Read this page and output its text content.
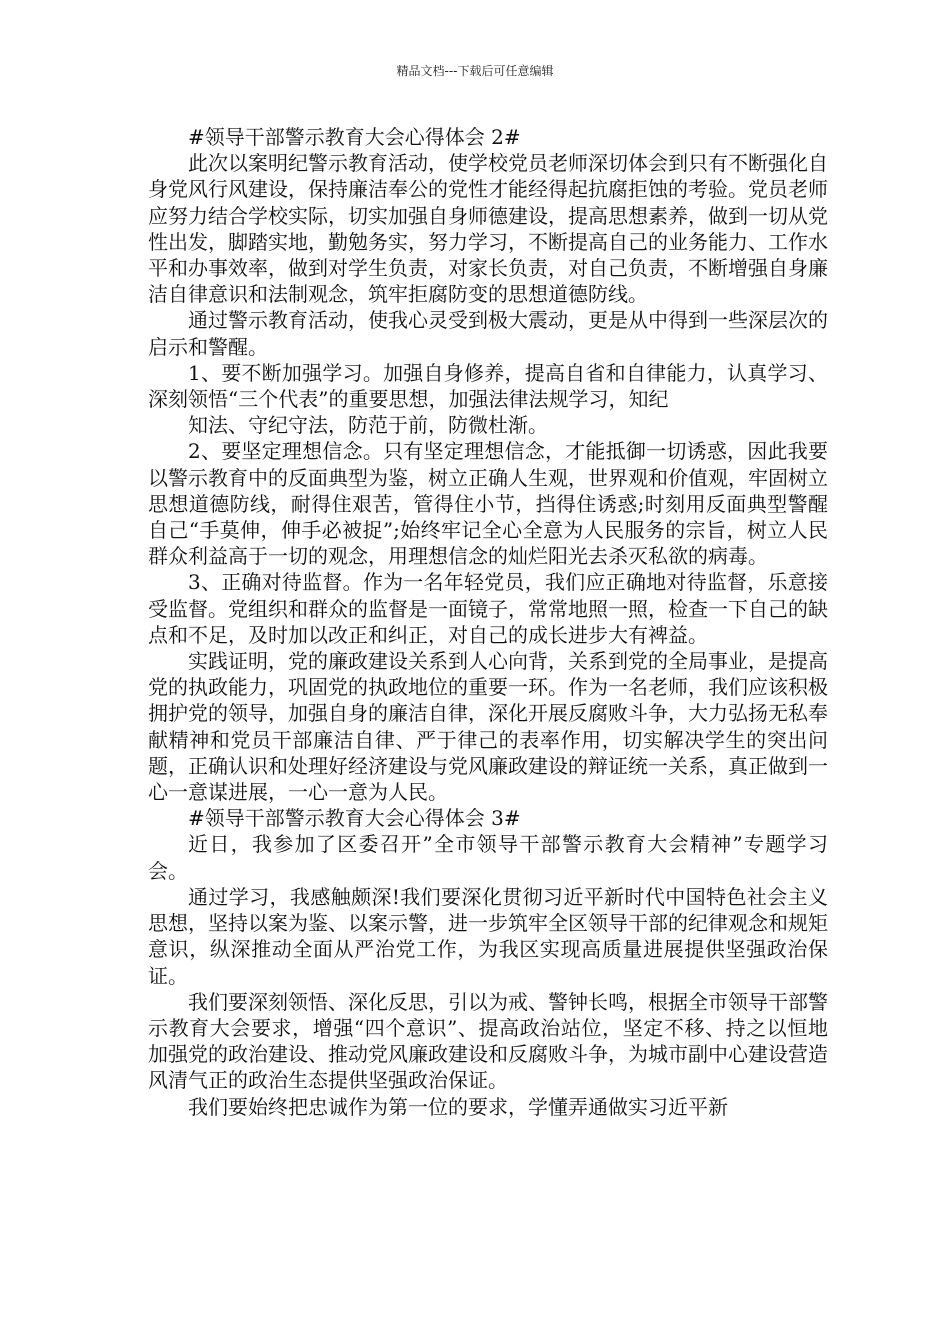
精品文档---下载后可任意编辑

#领导干部警示教育大会心得体会 2#

此次以案明纪警示教育活动，使学校党员老师深切体会到只有不断强化自身党风行风建设，保持廉洁奉公的党性才能经得起抗腐拒蚀的考验。党员老师应努力结合学校实际，切实加强自身师德建设，提高思想素养，做到一切从党性出发，脚踏实地，勤勉务实，努力学习，不断提高自己的业务能力、工作水平和办事效率，做到对学生负责，对家长负责，对自己负责，不断增强自身廉洁自律意识和法制观念，筑牢拒腐防变的思想道德防线。

通过警示教育活动，使我心灵受到极大震动，更是从中得到一些深层次的启示和警醒。

1、要不断加强学习。加强自身修养，提高自省和自律能力，认真学习、深刻领悟“三个代表”的重要思想，加强法律法规学习，知纪

知法、守纪守法，防范于前，防微杜渐。

2、要坚定理想信念。只有坚定理想信念，才能抵御一切诱惑，因此我要以警示教育中的反面典型为鉴，树立正确人生观，世界观和价值观，牢固树立思想道德防线，耐得住艰苦，管得住小节，挡得住诱惑;时刻用反面典型警醒自己“手莫伸，伸手必被捉”;始终牢记全心全意为人民服务的宗旨，树立人民群众利益高于一切的观念，用理想信念的灿烂阳光去杀灭私欲的病毒。

3、正确对待监督。作为一名年轻党员，我们应正确地对待监督，乐意接受监督。党组织和群众的监督是一面镜子，常常地照一照，检查一下自己的缺点和不足，及时加以改正和纠正，对自己的成长进步大有裨益。

实践证明，党的廉政建设关系到人心向背，关系到党的全局事业，是提高党的执政能力，巩固党的执政地位的重要一环。作为一名老师，我们应该积极拥护党的领导，加强自身的廉洁自律，深化开展反腐败斗争，大力弘扬无私奉献精神和党员干部廉洁自律、严于律己的表率作用，切实解决学生的突出问题，正确认识和处理好经济建设与党风廉政建设的辩证统一关系，真正做到一心一意谋进展，一心一意为人民。

#领导干部警示教育大会心得体会 3#

近日，我参加了区委召开”全市领导干部警示教育大会精神”专题学习会。

通过学习，我感触颇深!我们要深化贯彻习近平新时代中国特色社会主义思想，坚持以案为鉴、以案示警，进一步筑牢全区领导干部的纪律观念和规矩意识，纵深推动全面从严治党工作，为我区实现高质量进展提供坚强政治保证。

我们要深刻领悟、深化反思，引以为戒、警钟长鸣，根据全市领导干部警示教育大会要求，增强“四个意识”、提高政治站位，坚定不移、持之以恒地加强党的政治建设、推动党风廉政建设和反腐败斗争，为城市副中心建设营造风清气正的政治生态提供坚强政治保证。

我们要始终把忠诚作为第一位的要求，学懂弄通做实习近平新
